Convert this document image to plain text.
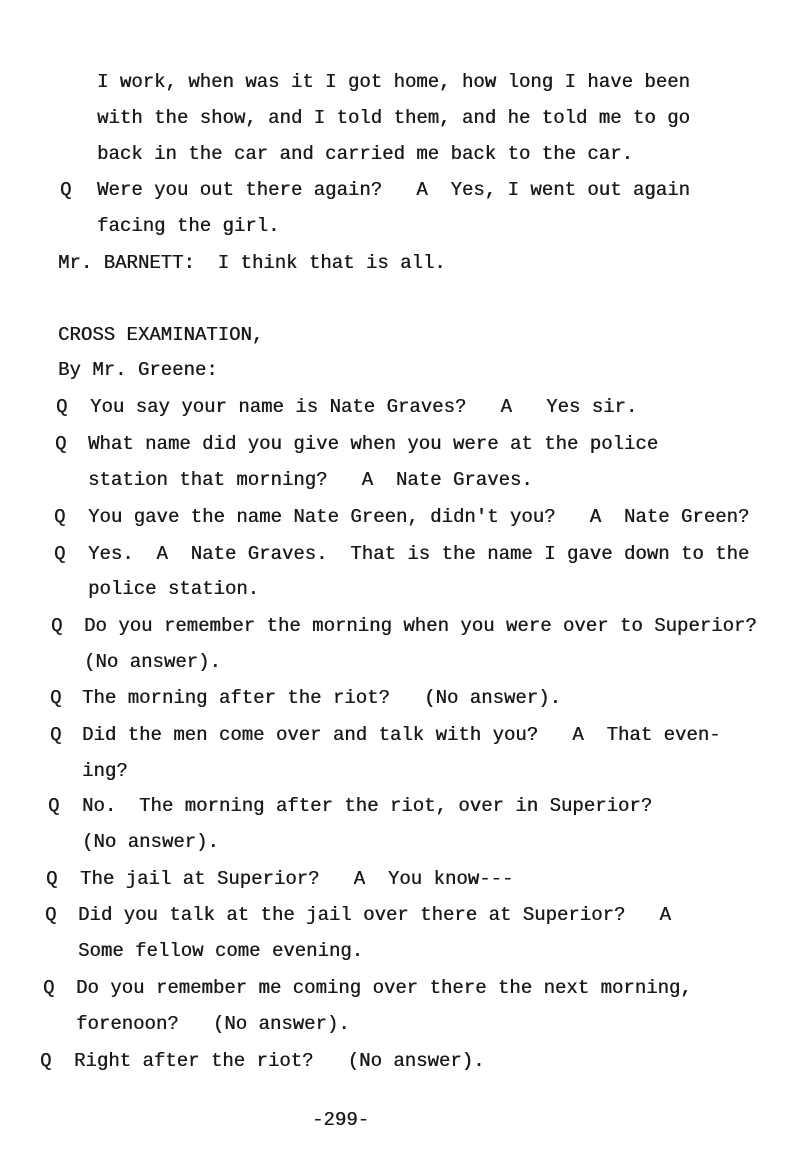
I work, when was it I got home, how long I have been
with the show, and I told them, and he told me to go
back in the car and carried me back to the car.
Q Were you out there again?   A  Yes, I went out again
facing the girl.
Mr. BARNETT:  I think that is all.
CROSS EXAMINATION,
By Mr. Greene:
Q You say your name is Nate Graves?   A   Yes sir.
Q What name did you give when you were at the police
station that morning?   A  Nate Graves.
Q You gave the name Nate Green, didn't you?   A  Nate Green?
Q Yes.  A  Nate Graves.  That is the name I gave down to the
police station.
Q Do you remember the morning when you were over to Superior?
(No answer).
Q The morning after the riot?   (No answer).
Q Did the men come over and talk with you?   A  That even-
ing?
Q No.  The morning after the riot, over in Superior?
(No answer).
Q The jail at Superior?   A  You know---
Q Did you talk at the jail over there at Superior?   A
Some fellow come evening.
Q Do you remember me coming over there the next morning,
forenoon?   (No answer).
Q Right after the riot?   (No answer).
-299-
